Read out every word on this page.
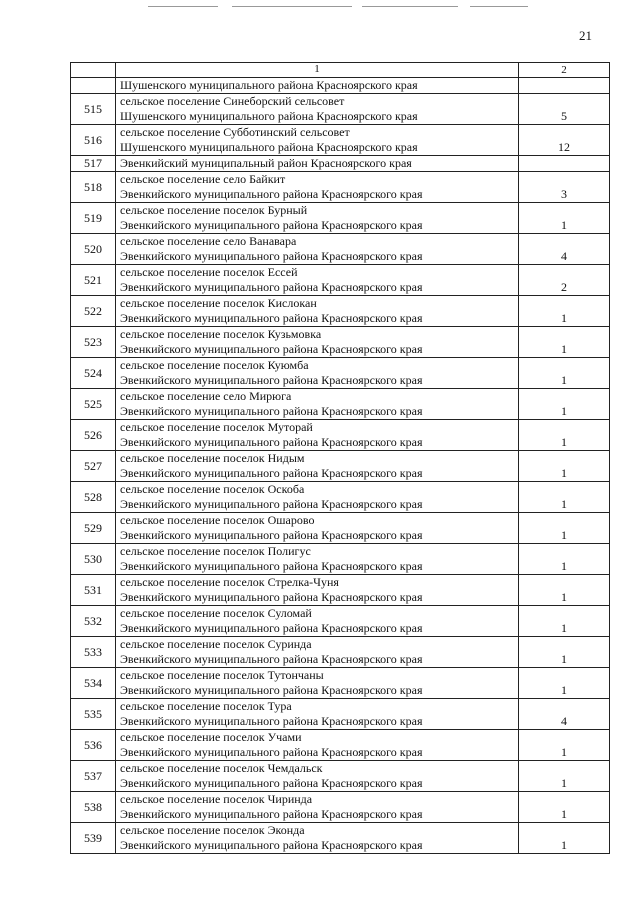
21
	1	2
	Шушенского муниципального района Красноярского края	
515	сельское поселение Синеборский сельсовет
Шушенского муниципального района Красноярского края	5
516	сельское поселение Субботинский сельсовет
Шушенского муниципального района Красноярского края	12
517	Эвенкийский муниципальный район Красноярского края	

518	сельское поселение село Байкит
Эвенкийского муниципального района Красноярского края	3
519	сельское поселение поселок Бурный
Эвенкийского муниципального района Красноярского края	1
520	сельское поселение село Ванавара
Эвенкийского муниципального района Красноярского края	4
521	сельское поселение поселок Ессей
Эвенкийского муниципального района Красноярского края	2
522	сельское поселение поселок Кислокан
Эвенкийского муниципального района Красноярского края	1
523	сельское поселение поселок Кузьмовка
Эвенкийского муниципального района Красноярского края	1
524	сельское поселение поселок Куюмба
Эвенкийского муниципального района Красноярского края	1
525	сельское поселение село Мирюга
Эвенкийского муниципального района Красноярского края	1
526	сельское поселение поселок Муторай
Эвенкийского муниципального района Красноярского края	1
527	сельское поселение поселок Нидым
Эвенкийского муниципального района Красноярского края	1
528	сельское поселение поселок Оскоба
Эвенкийского муниципального района Красноярского края	1
529	сельское поселение поселок Ошарово
Эвенкийского муниципального района Красноярского края	1
530	сельское поселение поселок Полигус
Эвенкийского муниципального района Красноярского края	1
531	сельское поселение поселок Стрелка-Чуня
Эвенкийского муниципального района Красноярского края	1
532	сельское поселение поселок Суломай
Эвенкийского муниципального района Красноярского края	1
533	сельское поселение поселок Суринда
Эвенкийского муниципального района Красноярского края	1
534	сельское поселение поселок Тутончаны
Эвенкийского муниципального района Красноярского края	1
535	сельское поселение поселок Тура
Эвенкийского муниципального района Красноярского края	4
536	сельское поселение поселок Учами
Эвенкийского муниципального района Красноярского края	1
537	сельское поселение поселок Чемдальск
Эвенкийского муниципального района Красноярского края	1
538	сельское поселение поселок Чиринда
Эвенкийского муниципального района Красноярского края	1
539	сельское поселение поселок Эконда
Эвенкийского муниципального района Красноярского края	1
